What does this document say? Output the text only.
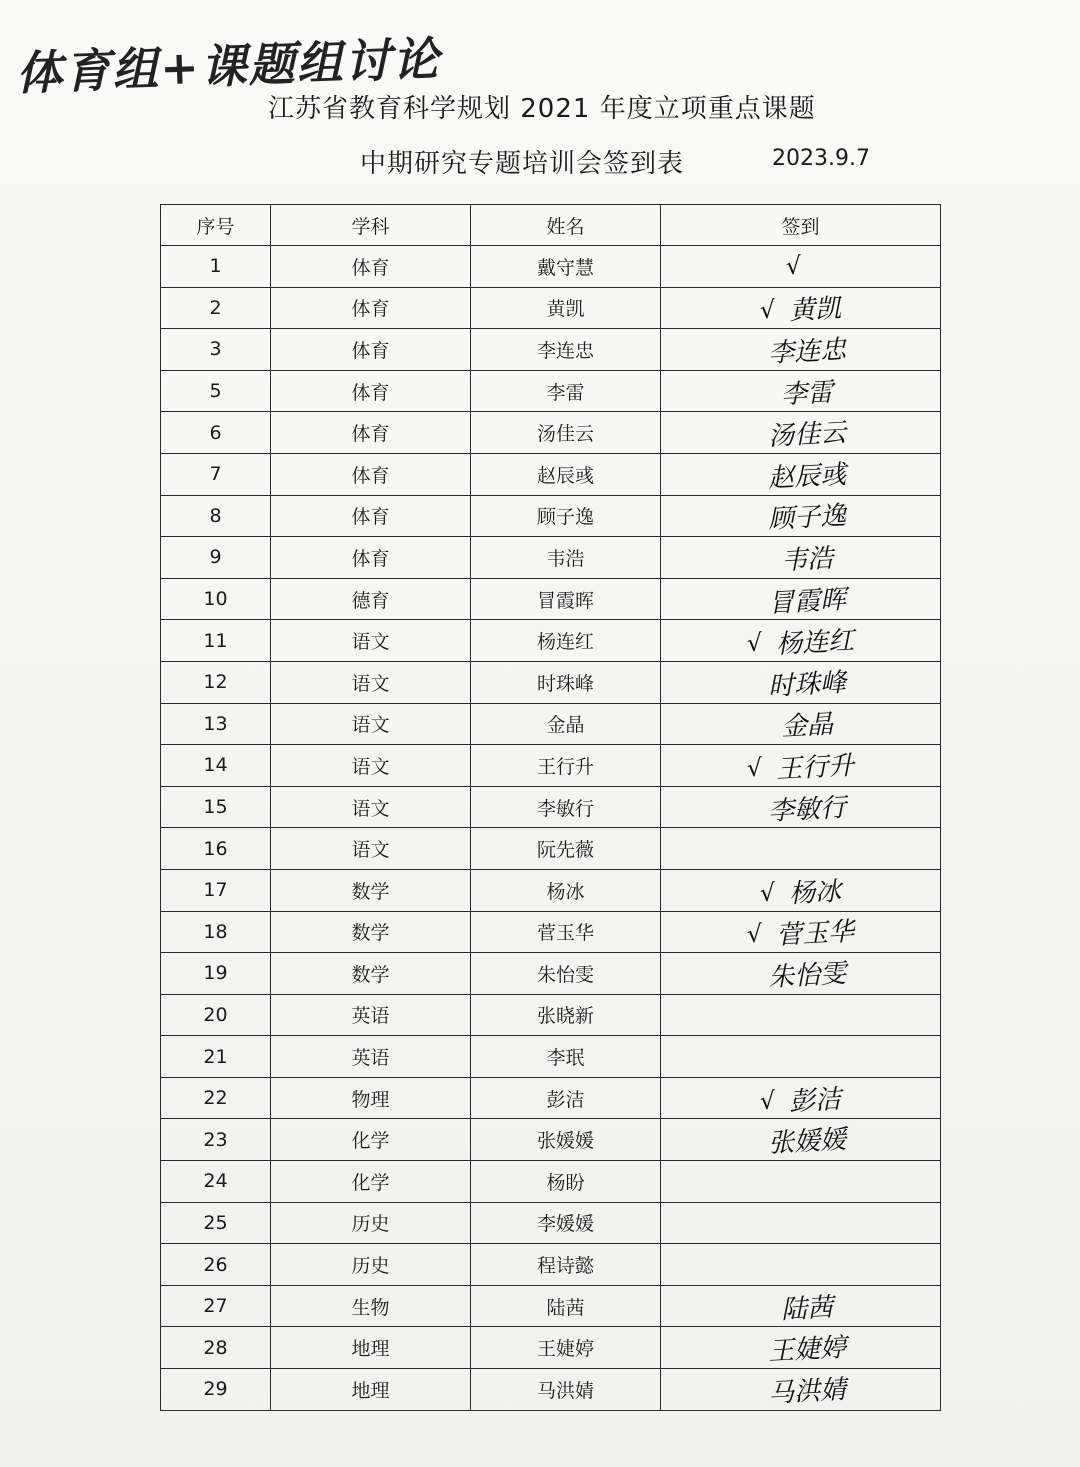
体育组+课题组讨论
江苏省教育科学规划 2021 年度立项重点课题
中期研究专题培训会签到表	2023.9.7
序号	学科	姓名	签到
1	体育	戴守慧	√
2	体育	黄凯	√ 黄凯
3	体育	李连忠	李连忠
5	体育	李雷	李雷
6	体育	汤佳云	汤佳云
7	体育	赵辰彧	赵辰彧
8	体育	顾子逸	顾子逸
9	体育	韦浩	韦浩
10	德育	冒霞晖	冒霞晖
11	语文	杨连红	√ 杨连红
12	语文	时珠峰	时珠峰
13	语文	金晶	金晶
14	语文	王行升	√ 王行升
15	语文	李敏行	李敏行
16	语文	阮先薇	
17	数学	杨冰	√ 杨冰
18	数学	菅玉华	√ 菅玉华
19	数学	朱怡雯	朱怡雯
20	英语	张晓新	
21	英语	李珉	
22	物理	彭洁	√ 彭洁
23	化学	张媛媛	张媛媛
24	化学	杨盼	
25	历史	李媛媛	
26	历史	程诗懿	
27	生物	陆茜	陆茜
28	地理	王婕婷	王婕婷
29	地理	马洪婧	马洪婧
